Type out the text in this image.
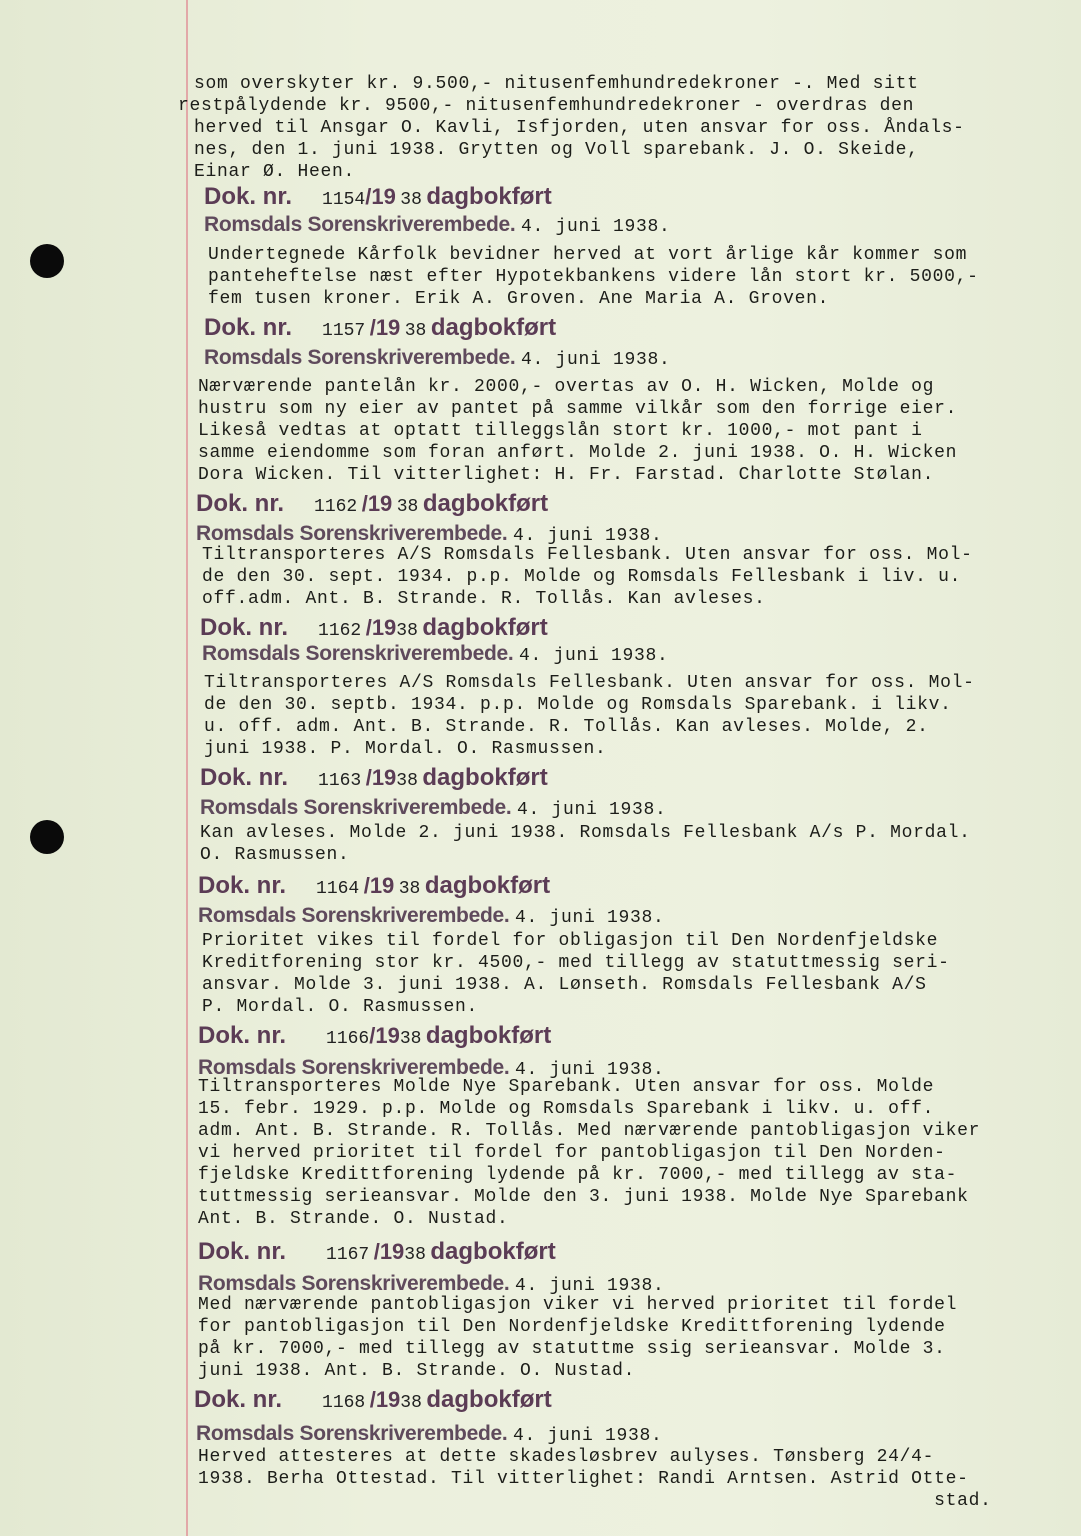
som overskyter kr. 9.500,- nitusenfemhundredekroner -. Med sitt
restpålydende kr. 9500,- nitusenfemhundredekroner - overdras den
herved til Ansgar O. Kavli, Isfjorden, uten ansvar for oss. Åndals-
nes, den 1. juni 1938. Grytten og Voll sparebank. J. O. Skeide,
Einar Ø. Heen.
Dok. nr. 1154/19 38 dagbokført
Romsdals Sorenskriverembede. 4. juni 1938.
Undertegnede Kårfolk bevidner herved at vort årlige kår kommer som
panteheftelse næst efter Hypotekbankens videre lån stort kr. 5000,-
fem tusen kroner. Erik A. Groven. Ane Maria A. Groven.
Dok. nr. 1157 /19 38 dagbokført
Romsdals Sorenskriverembede. 4. juni 1938.
Nærværende pantelån kr. 2000,- overtas av O. H. Wicken, Molde og
hustru som ny eier av pantet på samme vilkår som den forrige eier.
Likeså vedtas at optatt tilleggslån stort kr. 1000,- mot pant i
samme eiendomme som foran anført. Molde 2. juni 1938. O. H. Wicken
Dora Wicken. Til vitterlighet: H. Fr. Farstad. Charlotte Stølan.
Dok. nr. 1162 /19 38 dagbokført
Romsdals Sorenskriverembede. 4. juni 1938.
Tiltransporteres A/S Romsdals Fellesbank. Uten ansvar for oss. Mol-
de den 30. sept. 1934. p.p. Molde og Romsdals Fellesbank i liv. u.
off.adm. Ant. B. Strande. R. Tollås. Kan avleses.
Dok. nr. 1162 /1938 dagbokført
Romsdals Sorenskriverembede. 4. juni 1938.
Tiltransporteres A/S Romsdals Fellesbank. Uten ansvar for oss. Mol-
de den 30. septb. 1934. p.p. Molde og Romsdals Sparebank. i likv.
u. off. adm. Ant. B. Strande. R. Tollås. Kan avleses. Molde, 2.
juni 1938. P. Mordal. O. Rasmussen.
Dok. nr. 1163 /1938 dagbokført
Romsdals Sorenskriverembede. 4. juni 1938.
Kan avleses. Molde 2. juni 1938. Romsdals Fellesbank A/s P. Mordal.
O. Rasmussen.
Dok. nr. 1164 /19 38 dagbokført
Romsdals Sorenskriverembede. 4. juni 1938.
Prioritet vikes til fordel for obligasjon til Den Nordenfjeldske
Kreditforening stor kr. 4500,- med tillegg av statuttmessig seri-
ansvar. Molde 3. juni 1938. A. Lønseth. Romsdals Fellesbank A/S
P. Mordal. O. Rasmussen.
Dok. nr. 1166/1938 dagbokført
Romsdals Sorenskriverembede. 4. juni 1938.
Tiltransporteres Molde Nye Sparebank. Uten ansvar for oss. Molde
15. febr. 1929. p.p. Molde og Romsdals Sparebank i likv. u. off.
adm. Ant. B. Strande. R. Tollås. Med nærværende pantobligasjon viker
vi herved prioritet til fordel for pantobligasjon til Den Norden-
fjeldske Kredittforening lydende på kr. 7000,- med tillegg av sta-
tuttmessig serieansvar. Molde den 3. juni 1938. Molde Nye Sparebank
Ant. B. Strande. O. Nustad.
Dok. nr. 1167 /1938 dagbokført
Romsdals Sorenskriverembede. 4. juni 1938.
Med nærværende pantobligasjon viker vi herved prioritet til fordel
for pantobligasjon til Den Nordenfjeldske Kredittforening lydende
på kr. 7000,- med tillegg av statuttme ssig serieansvar. Molde 3.
juni 1938. Ant. B. Strande. O. Nustad.
Dok. nr. 1168 /1938 dagbokført
Romsdals Sorenskriverembede. 4. juni 1938.
Herved attesteres at dette skadesløsbrev aulyses. Tønsberg 24/4-
1938. Berha Ottestad. Til vitterlighet: Randi Arntsen. Astrid Otte-
stad.
